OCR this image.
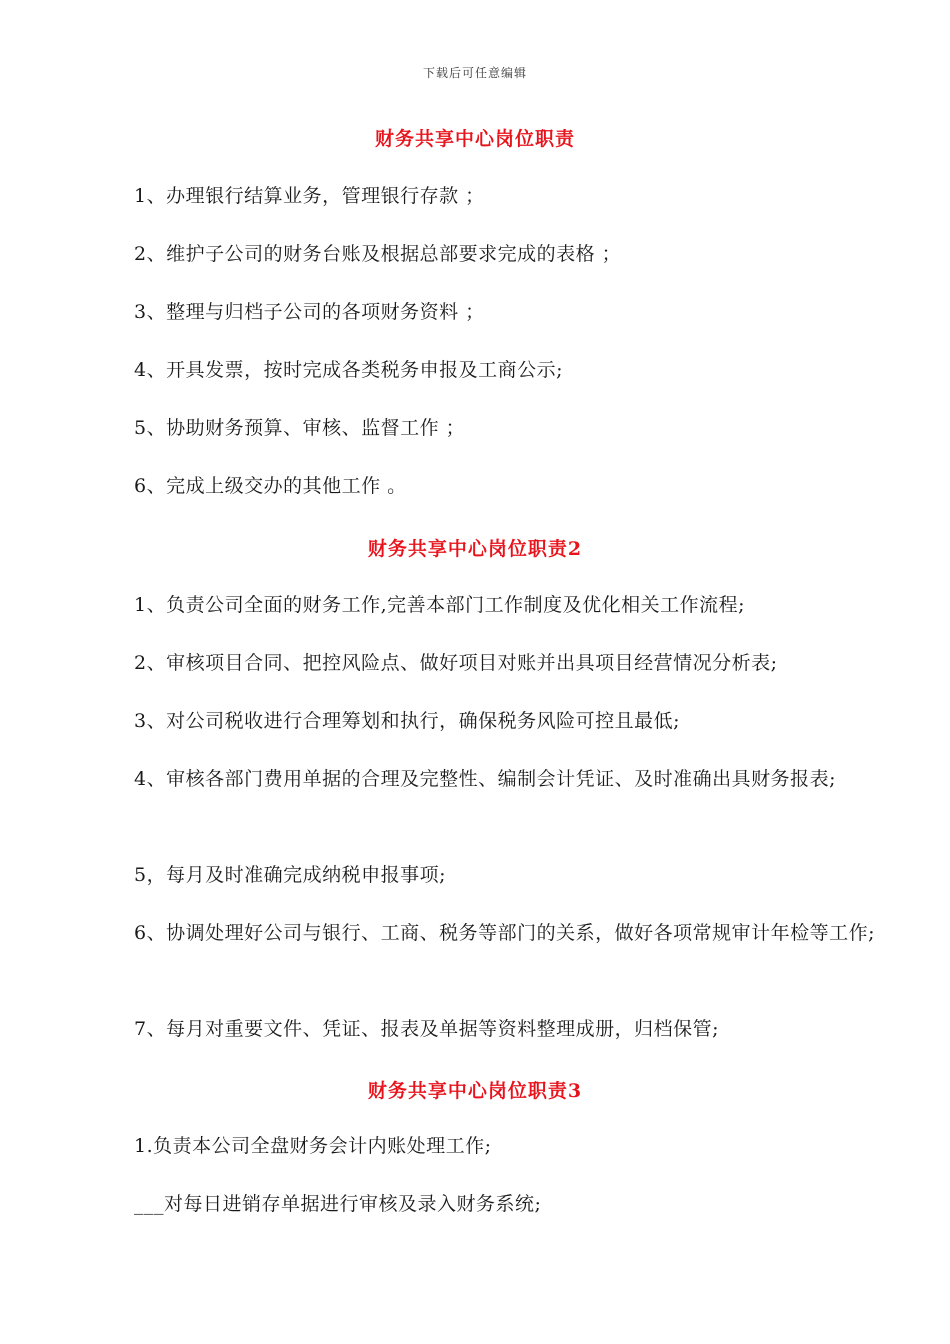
下载后可任意编辑
财务共享中心岗位职责
1、办理银行结算业务，管理银行存款 ；
2、维护子公司的财务台账及根据总部要求完成的表格 ；
3、整理与归档子公司的各项财务资料 ；
4、开具发票，按时完成各类税务申报及工商公示;
5、协助财务预算、审核、监督工作 ；
6、完成上级交办的其他工作 。
财务共享中心岗位职责2
1、负责公司全面的财务工作,完善本部门工作制度及优化相关工作流程;
2、审核项目合同、把控风险点、做好项目对账并出具项目经营情况分析表;
3、对公司税收进行合理筹划和执行，确保税务风险可控且最低;
4、审核各部门费用单据的合理及完整性、编制会计凭证、及时准确出具财务报表;
5，每月及时准确完成纳税申报事项;
6、协调处理好公司与银行、工商、税务等部门的关系，做好各项常规审计年检等工作;
7、每月对重要文件、凭证、报表及单据等资料整理成册，归档保管;
财务共享中心岗位职责3
1.负责本公司全盘财务会计内账处理工作;
___对每日进销存单据进行审核及录入财务系统;
